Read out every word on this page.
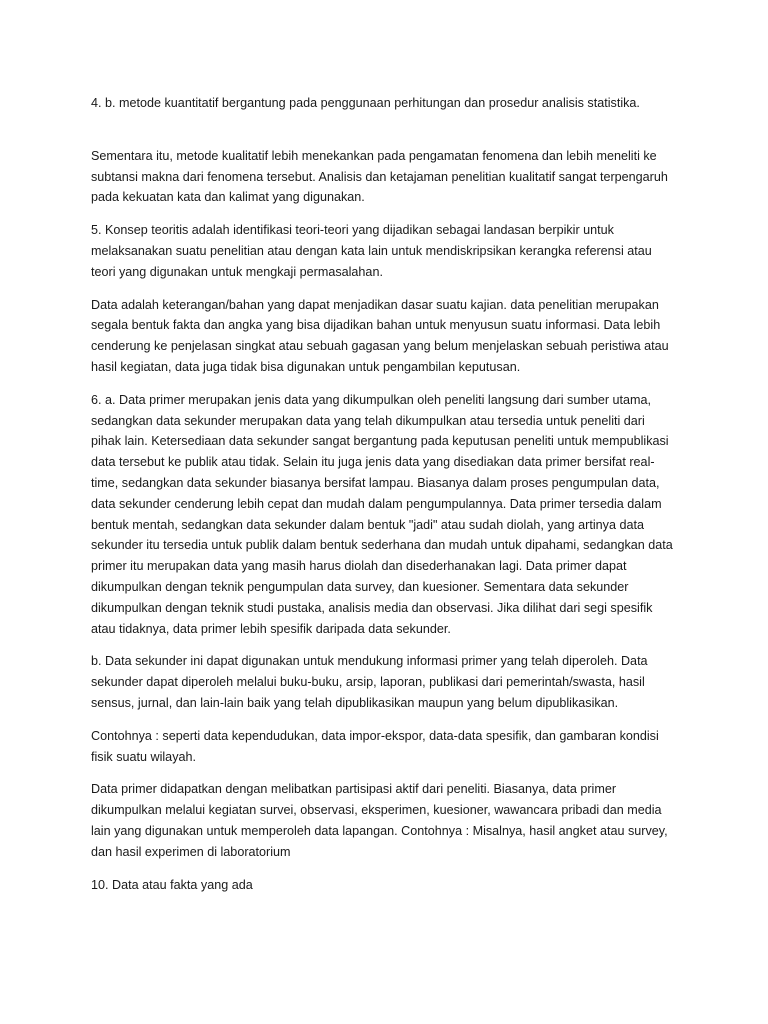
4. b. metode kuantitatif bergantung pada penggunaan perhitungan dan prosedur analisis statistika.

Sementara itu, metode kualitatif lebih menekankan pada pengamatan fenomena dan lebih meneliti ke subtansi makna dari fenomena tersebut. Analisis dan ketajaman penelitian kualitatif sangat terpengaruh pada kekuatan kata dan kalimat yang digunakan.

5. Konsep teoritis adalah identifikasi teori-teori yang dijadikan sebagai landasan berpikir untuk melaksanakan suatu penelitian atau dengan kata lain untuk mendiskripsikan kerangka referensi atau teori yang digunakan untuk mengkaji permasalahan.

Data adalah keterangan/bahan yang dapat menjadikan dasar suatu kajian. data penelitian merupakan segala bentuk fakta dan angka yang bisa dijadikan bahan untuk menyusun suatu informasi. Data lebih cenderung ke penjelasan singkat atau sebuah gagasan yang belum menjelaskan sebuah peristiwa atau hasil kegiatan, data juga tidak bisa digunakan untuk pengambilan keputusan.

6. a. Data primer merupakan jenis data yang dikumpulkan oleh peneliti langsung dari sumber utama, sedangkan data sekunder merupakan data yang telah dikumpulkan atau tersedia untuk peneliti dari pihak lain. Ketersediaan data sekunder sangat bergantung pada keputusan peneliti untuk mempublikasi data tersebut ke publik atau tidak. Selain itu juga jenis data yang disediakan data primer bersifat real-time, sedangkan data sekunder biasanya bersifat lampau. Biasanya dalam proses pengumpulan data, data sekunder cenderung lebih cepat dan mudah dalam pengumpulannya. Data primer tersedia dalam bentuk mentah, sedangkan data sekunder dalam bentuk "jadi" atau sudah diolah, yang artinya data sekunder itu tersedia untuk publik dalam bentuk sederhana dan mudah untuk dipahami, sedangkan data primer itu merupakan data yang masih harus diolah dan disederhanakan lagi. Data primer dapat dikumpulkan dengan teknik pengumpulan data survey, dan kuesioner. Sementara data sekunder dikumpulkan dengan teknik studi pustaka, analisis media dan observasi. Jika dilihat dari segi spesifik atau tidaknya, data primer lebih spesifik daripada data sekunder.

b. Data sekunder ini dapat digunakan untuk mendukung informasi primer yang telah diperoleh. Data sekunder dapat diperoleh melalui buku-buku, arsip, laporan, publikasi dari pemerintah/swasta, hasil sensus, jurnal, dan lain-lain baik yang telah dipublikasikan maupun yang belum dipublikasikan.

Contohnya : seperti data kependudukan, data impor-ekspor, data-data spesifik, dan gambaran kondisi fisik suatu wilayah.

Data primer didapatkan dengan melibatkan partisipasi aktif dari peneliti. Biasanya, data primer dikumpulkan melalui kegiatan survei, observasi, eksperimen, kuesioner, wawancara pribadi dan media lain yang digunakan untuk memperoleh data lapangan. Contohnya : Misalnya, hasil angket atau survey, dan hasil experimen di laboratorium

10. Data atau fakta yang ada
